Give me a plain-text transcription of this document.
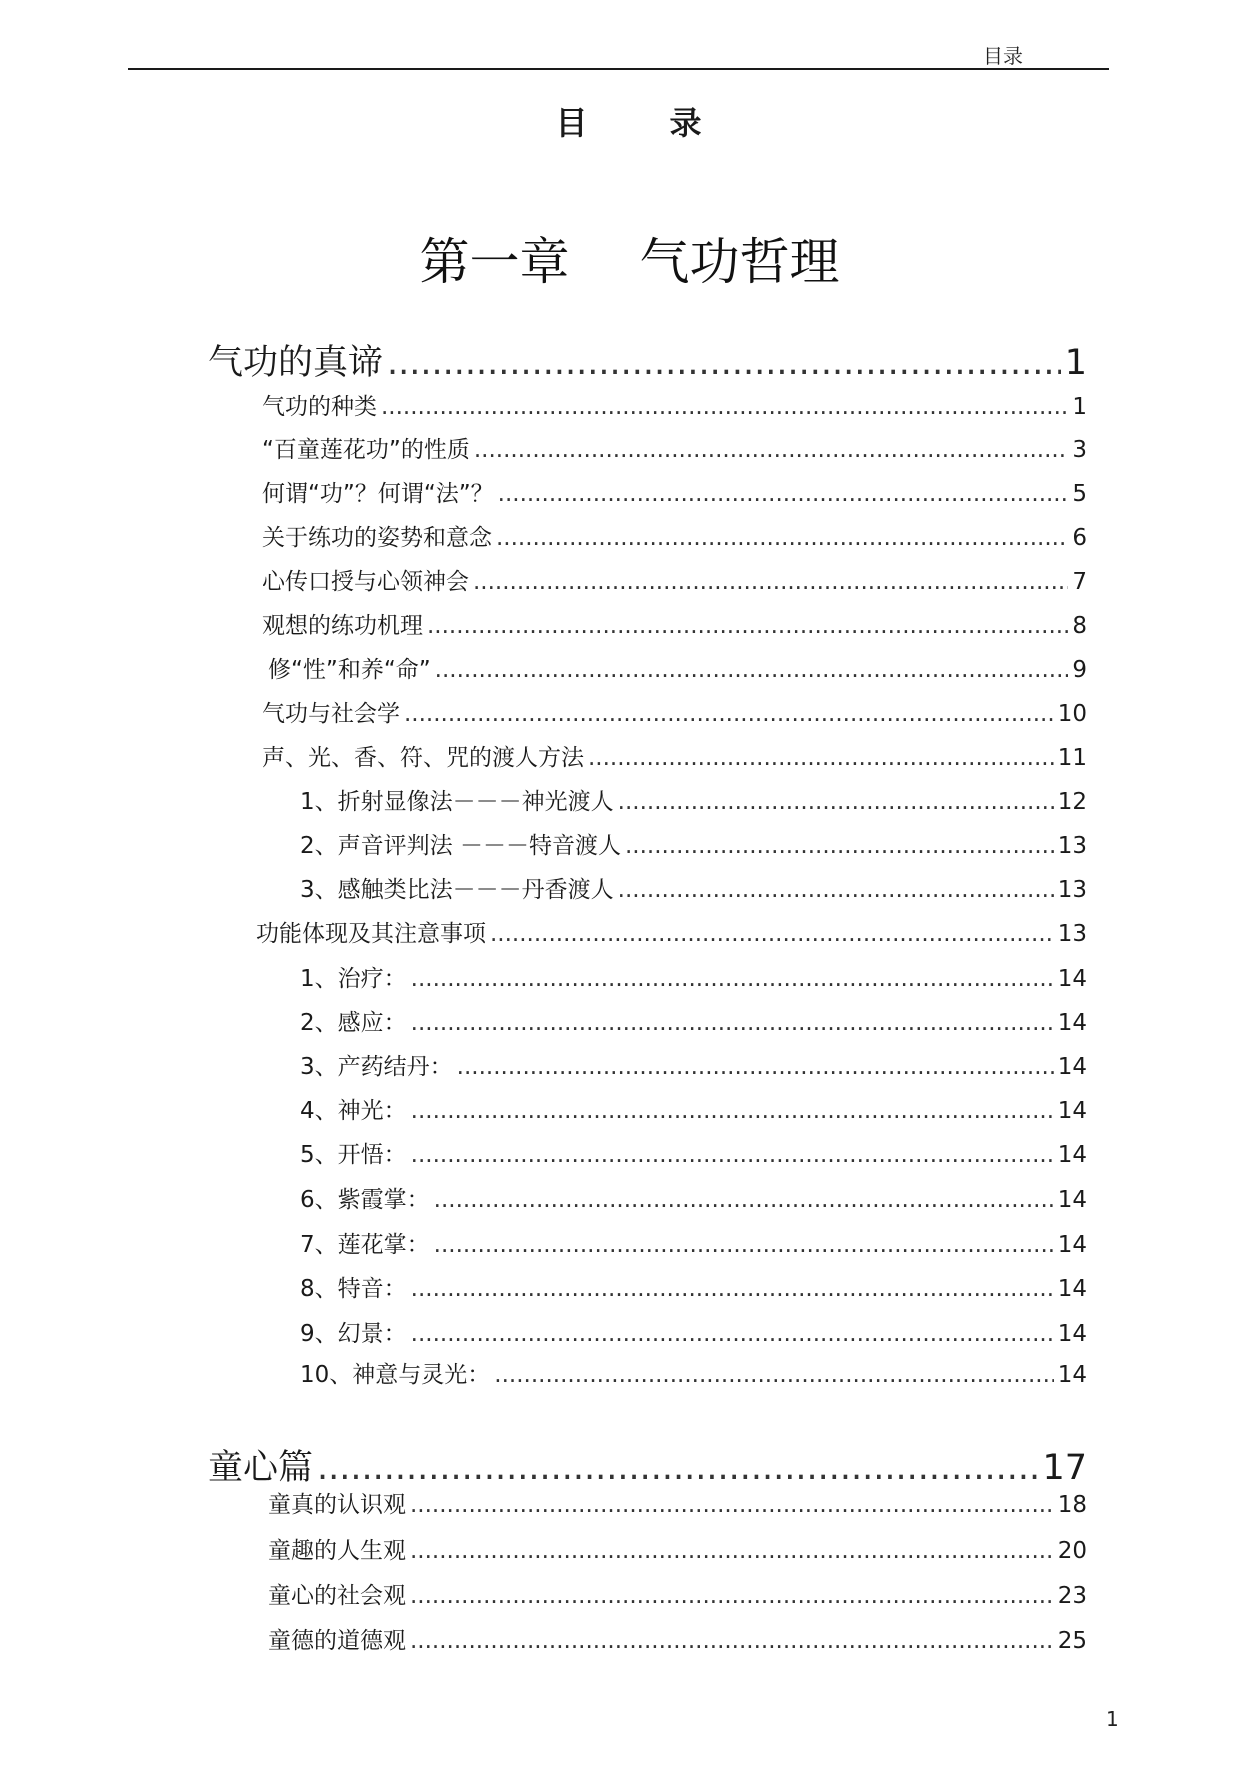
目录
目	录
第一章 气功哲理
气功的真谛 .....	1
气功的种类 .....	1
“百童莲花功”的性质 .....	3
何谓“功”？何谓“法”？ .....	5
关于练功的姿势和意念 .....	6
心传口授与心领神会 .....	7
观想的练功机理 .....	8
修“性”和养“命” .....	9
气功与社会学 .....	10
声、光、香、符、咒的渡人方法 .....	11
1、折射显像法－－－神光渡人 .....	12
2、声音评判法 －－－特音渡人 .....	13
3、感触类比法－－－丹香渡人 .....	13
功能体现及其注意事项 .....	13
1、治疗： .....	14
2、感应： .....	14
3、产药结丹： .....	14
4、神光： .....	14
5、开悟： .....	14
6、紫霞掌： .....	14
7、莲花掌： .....	14
8、特音： .....	14
9、幻景： .....	14
10、神意与灵光： .....	14
童心篇 .....	17
童真的认识观 .....	18
童趣的人生观 .....	20
童心的社会观 .....	23
童德的道德观 .....	25
1
